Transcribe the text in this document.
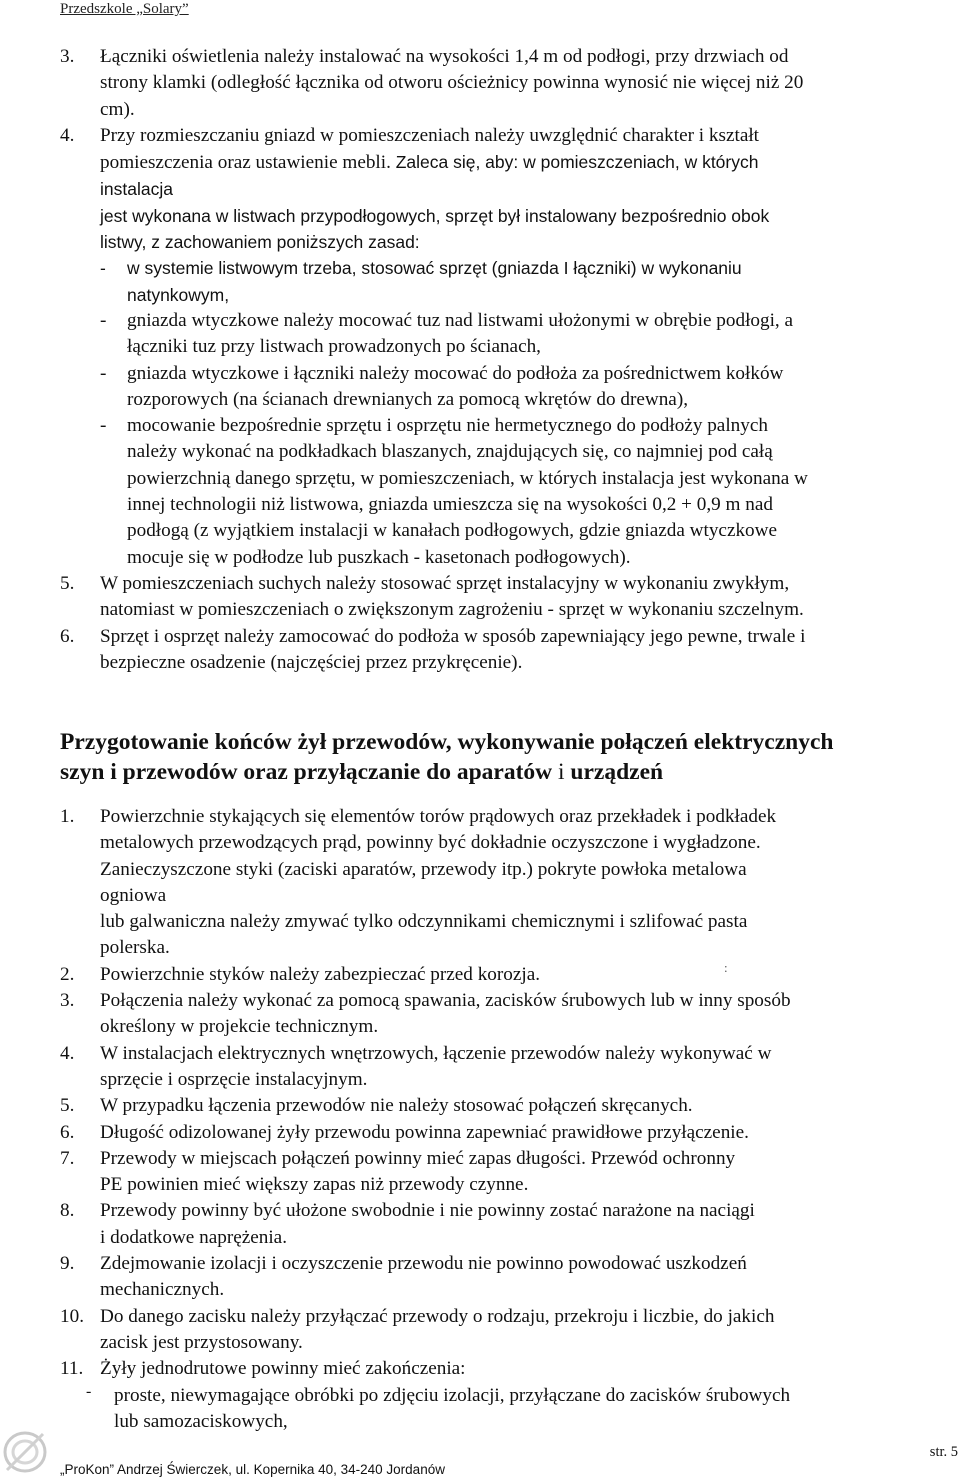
Przedszkole „Solary”
3. Łączniki oświetlenia należy instalować na wysokości 1,4 m od podłogi, przy drzwiach od
strony klamki (odległość łącznika od otworu ościeżnicy powinna wynosić nie więcej niż 20
cm).
4. Przy rozmieszczaniu gniazd w pomieszczeniach należy uwzględnić charakter i kształt
pomieszczenia oraz ustawienie mebli. Zaleca się, aby: w pomieszczeniach, w których
instalacja
jest wykonana w listwach przypodłogowych, sprzęt był instalowany bezpośrednio obok
listwy, z zachowaniem poniższych zasad:
- w systemie listwowym trzeba, stosować sprzęt (gniazda I łączniki) w wykonaniu
natynkowym,
- gniazda wtyczkowe należy mocować tuz nad listwami ułożonymi w obrębie podłogi, a
łączniki tuz przy listwach prowadzonych po ścianach,
- gniazda wtyczkowe i łączniki należy mocować do podłoża za pośrednictwem kołków
rozporowych (na ścianach drewnianych za pomocą wkrętów do drewna),
- mocowanie bezpośrednie sprzętu i osprzętu nie hermetycznego do podłoży palnych
należy wykonać na podkładkach blaszanych, znajdujących się, co najmniej pod całą
powierzchnią danego sprzętu, w pomieszczeniach, w których instalacja jest wykonana w
innej technologii niż listwowa, gniazda umieszcza się na wysokości 0,2 + 0,9 m nad
podłogą (z wyjątkiem instalacji w kanałach podłogowych, gdzie gniazda wtyczkowe
mocuje się w podłodze lub puszkach - kasetonach podłogowych).
5. W pomieszczeniach suchych należy stosować sprzęt instalacyjny w wykonaniu zwykłym,
natomiast w pomieszczeniach o zwiększonym zagrożeniu - sprzęt w wykonaniu szczelnym.
6. Sprzęt i osprzęt należy zamocować do podłoża w sposób zapewniający jego pewne, trwale i
bezpieczne osadzenie (najczęściej przez przykręcenie).
Przygotowanie końców żył przewodów, wykonywanie połączeń elektrycznych
szyn i przewodów oraz przyłączanie do aparatów i urządzeń
1. Powierzchnie stykających się elementów torów prądowych oraz przekładek i podkładek
metalowych przewodzących prąd, powinny być dokładnie oczyszczone i wygładzone.
Zanieczyszczone styki (zaciski aparatów, przewody itp.) pokryte powłoka metalowa
ogniowa
lub galwaniczna należy zmywać tylko odczynnikami chemicznymi i szlifować pasta
polerska.
2. Powierzchnie styków należy zabezpieczać przed korozja.
3. Połączenia należy wykonać za pomocą spawania, zacisków śrubowych lub w inny sposób
określony w projekcie technicznym.
4. W instalacjach elektrycznych wnętrzowych, łączenie przewodów należy wykonywać w
sprzęcie i osprzęcie instalacyjnym.
5. W przypadku łączenia przewodów nie należy stosować połączeń skręcanych.
6. Długość odizolowanej żyły przewodu powinna zapewniać prawidłowe przyłączenie.
7. Przewody w miejscach połączeń powinny mieć zapas długości. Przewód ochronny
PE powinien mieć większy zapas niż przewody czynne.
8. Przewody powinny być ułożone swobodnie i nie powinny zostać narażone na naciągi
i dodatkowe naprężenia.
9. Zdejmowanie izolacji i oczyszczenie przewodu nie powinno powodować uszkodzeń
mechanicznych.
10. Do danego zacisku należy przyłączać przewody o rodzaju, przekroju i liczbie, do jakich
zacisk jest przystosowany.
11. Żyły jednodrutowe powinny mieć zakończenia:
- proste, niewymagające obróbki po zdjęciu izolacji, przyłączane do zacisków śrubowych
lub samozaciskowych,
:
„ProKon” Andrzej Świerczek, ul. Kopernika 40, 34-240 Jordanów
str. 5
